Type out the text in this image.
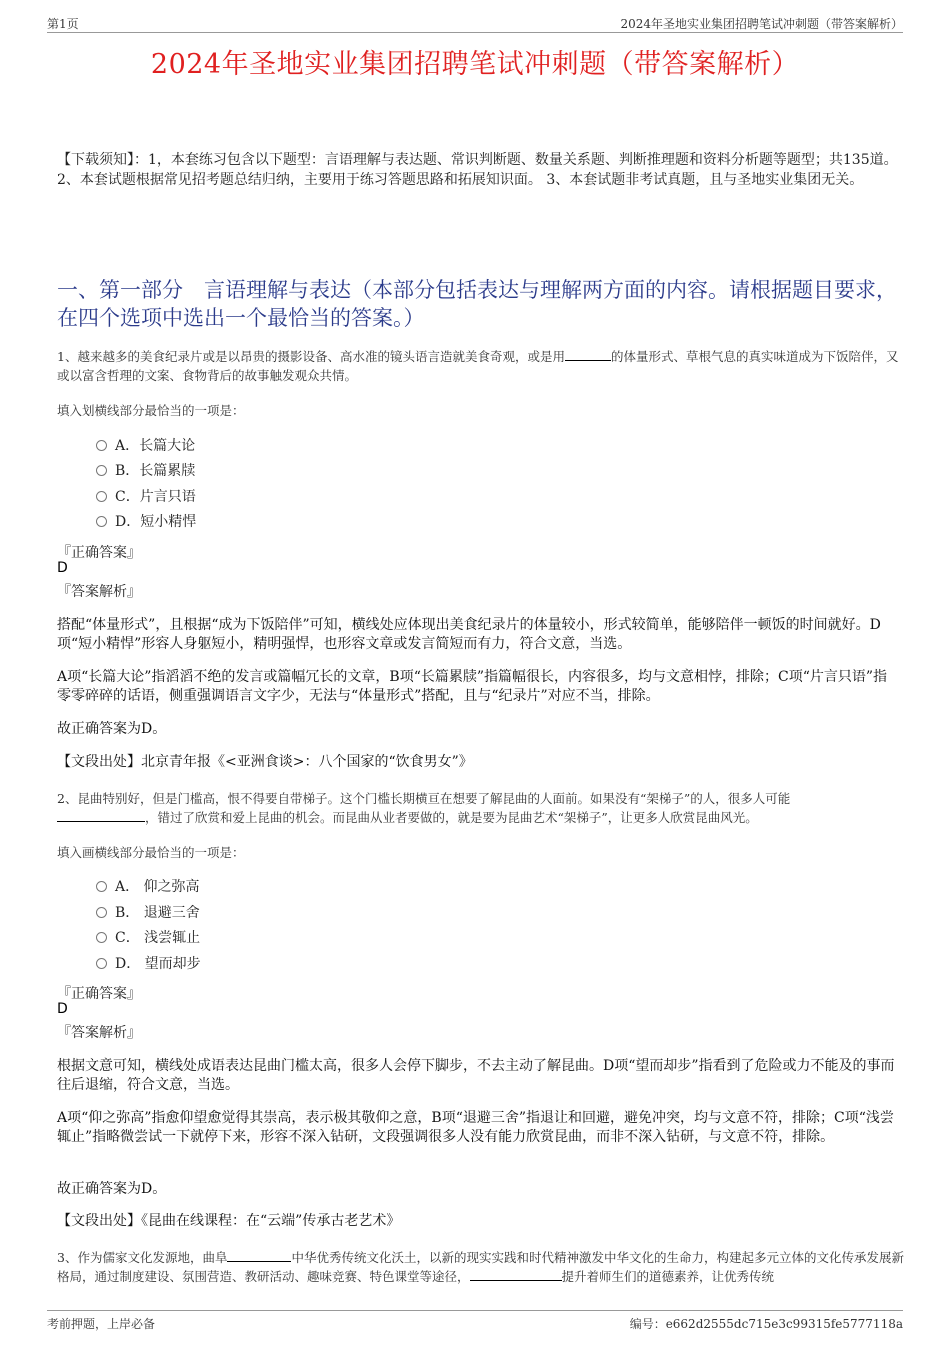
第1页	2024年圣地实业集团招聘笔试冲刺题（带答案解析）
2024年圣地实业集团招聘笔试冲刺题（带答案解析）
【下载须知】：1，本套练习包含以下题型：言语理解与表达题、常识判断题、数量关系题、判断推理题和资料分析题等题型；共135道。 2、本套试题根据常见招考题总结归纳，主要用于练习答题思路和拓展知识面。 3、本套试题非考试真题，且与圣地实业集团无关。
一、第一部分　言语理解与表达（本部分包括表达与理解两方面的内容。请根据题目要求，在四个选项中选出一个最恰当的答案。）
1、越来越多的美食纪录片或是以昂贵的摄影设备、高水准的镜头语言造就美食奇观，或是用	的体量形式、草根气息的真实味道成为下饭陪伴，又或以富含哲理的文案、食物背后的故事触发观众共情。
填入划横线部分最恰当的一项是：
A．长篇大论
B．长篇累牍
C．片言只语
D．短小精悍
『正确答案』
D
『答案解析』
搭配“体量形式”，且根据“成为下饭陪伴”可知，横线处应体现出美食纪录片的体量较小，形式较简单，能够陪伴一顿饭的时间就好。D项“短小精悍”形容人身躯短小，精明强悍，也形容文章或发言简短而有力，符合文意，当选。
A项“长篇大论”指滔滔不绝的发言或篇幅冗长的文章，B项“长篇累牍”指篇幅很长，内容很多，均与文意相悖，排除；C项“片言只语”指零零碎碎的话语，侧重强调语言文字少，无法与“体量形式”搭配，且与“纪录片”对应不当，排除。
故正确答案为D。
【文段出处】北京青年报《<亚洲食谈>：八个国家的“饮食男女”》
2、昆曲特别好，但是门槛高，恨不得要自带梯子。这个门槛长期横亘在想要了解昆曲的人面前。如果没有“架梯子”的人，很多人可能
，错过了欣赏和爱上昆曲的机会。而昆曲从业者要做的，就是要为昆曲艺术“架梯子”，让更多人欣赏昆曲风光。
填入画横线部分最恰当的一项是：
A． 仰之弥高
B． 退避三舍
C． 浅尝辄止
D． 望而却步
『正确答案』
D
『答案解析』
根据文意可知，横线处成语表达昆曲门槛太高，很多人会停下脚步，不去主动了解昆曲。D项“望而却步”指看到了危险或力不能及的事而往后退缩，符合文意，当选。
A项“仰之弥高”指愈仰望愈觉得其崇高，表示极其敬仰之意，B项“退避三舍”指退让和回避，避免冲突，均与文意不符，排除；C项“浅尝辄止”指略微尝试一下就停下来，形容不深入钻研，文段强调很多人没有能力欣赏昆曲，而非不深入钻研，与文意不符，排除。
故正确答案为D。
【文段出处】《昆曲在线课程：在“云端”传承古老艺术》
3、作为儒家文化发源地，曲阜	中华优秀传统文化沃土，以新的现实实践和时代精神激发中华文化的生命力，构建起多元立体的文化传承发展新格局，通过制度建设、氛围营造、教研活动、趣味竞赛、特色课堂等途径，	提升着师生们的道德素养，让优秀传统
考前押题，上岸必备	编号：e662d2555dc715e3c99315fe5777118a
